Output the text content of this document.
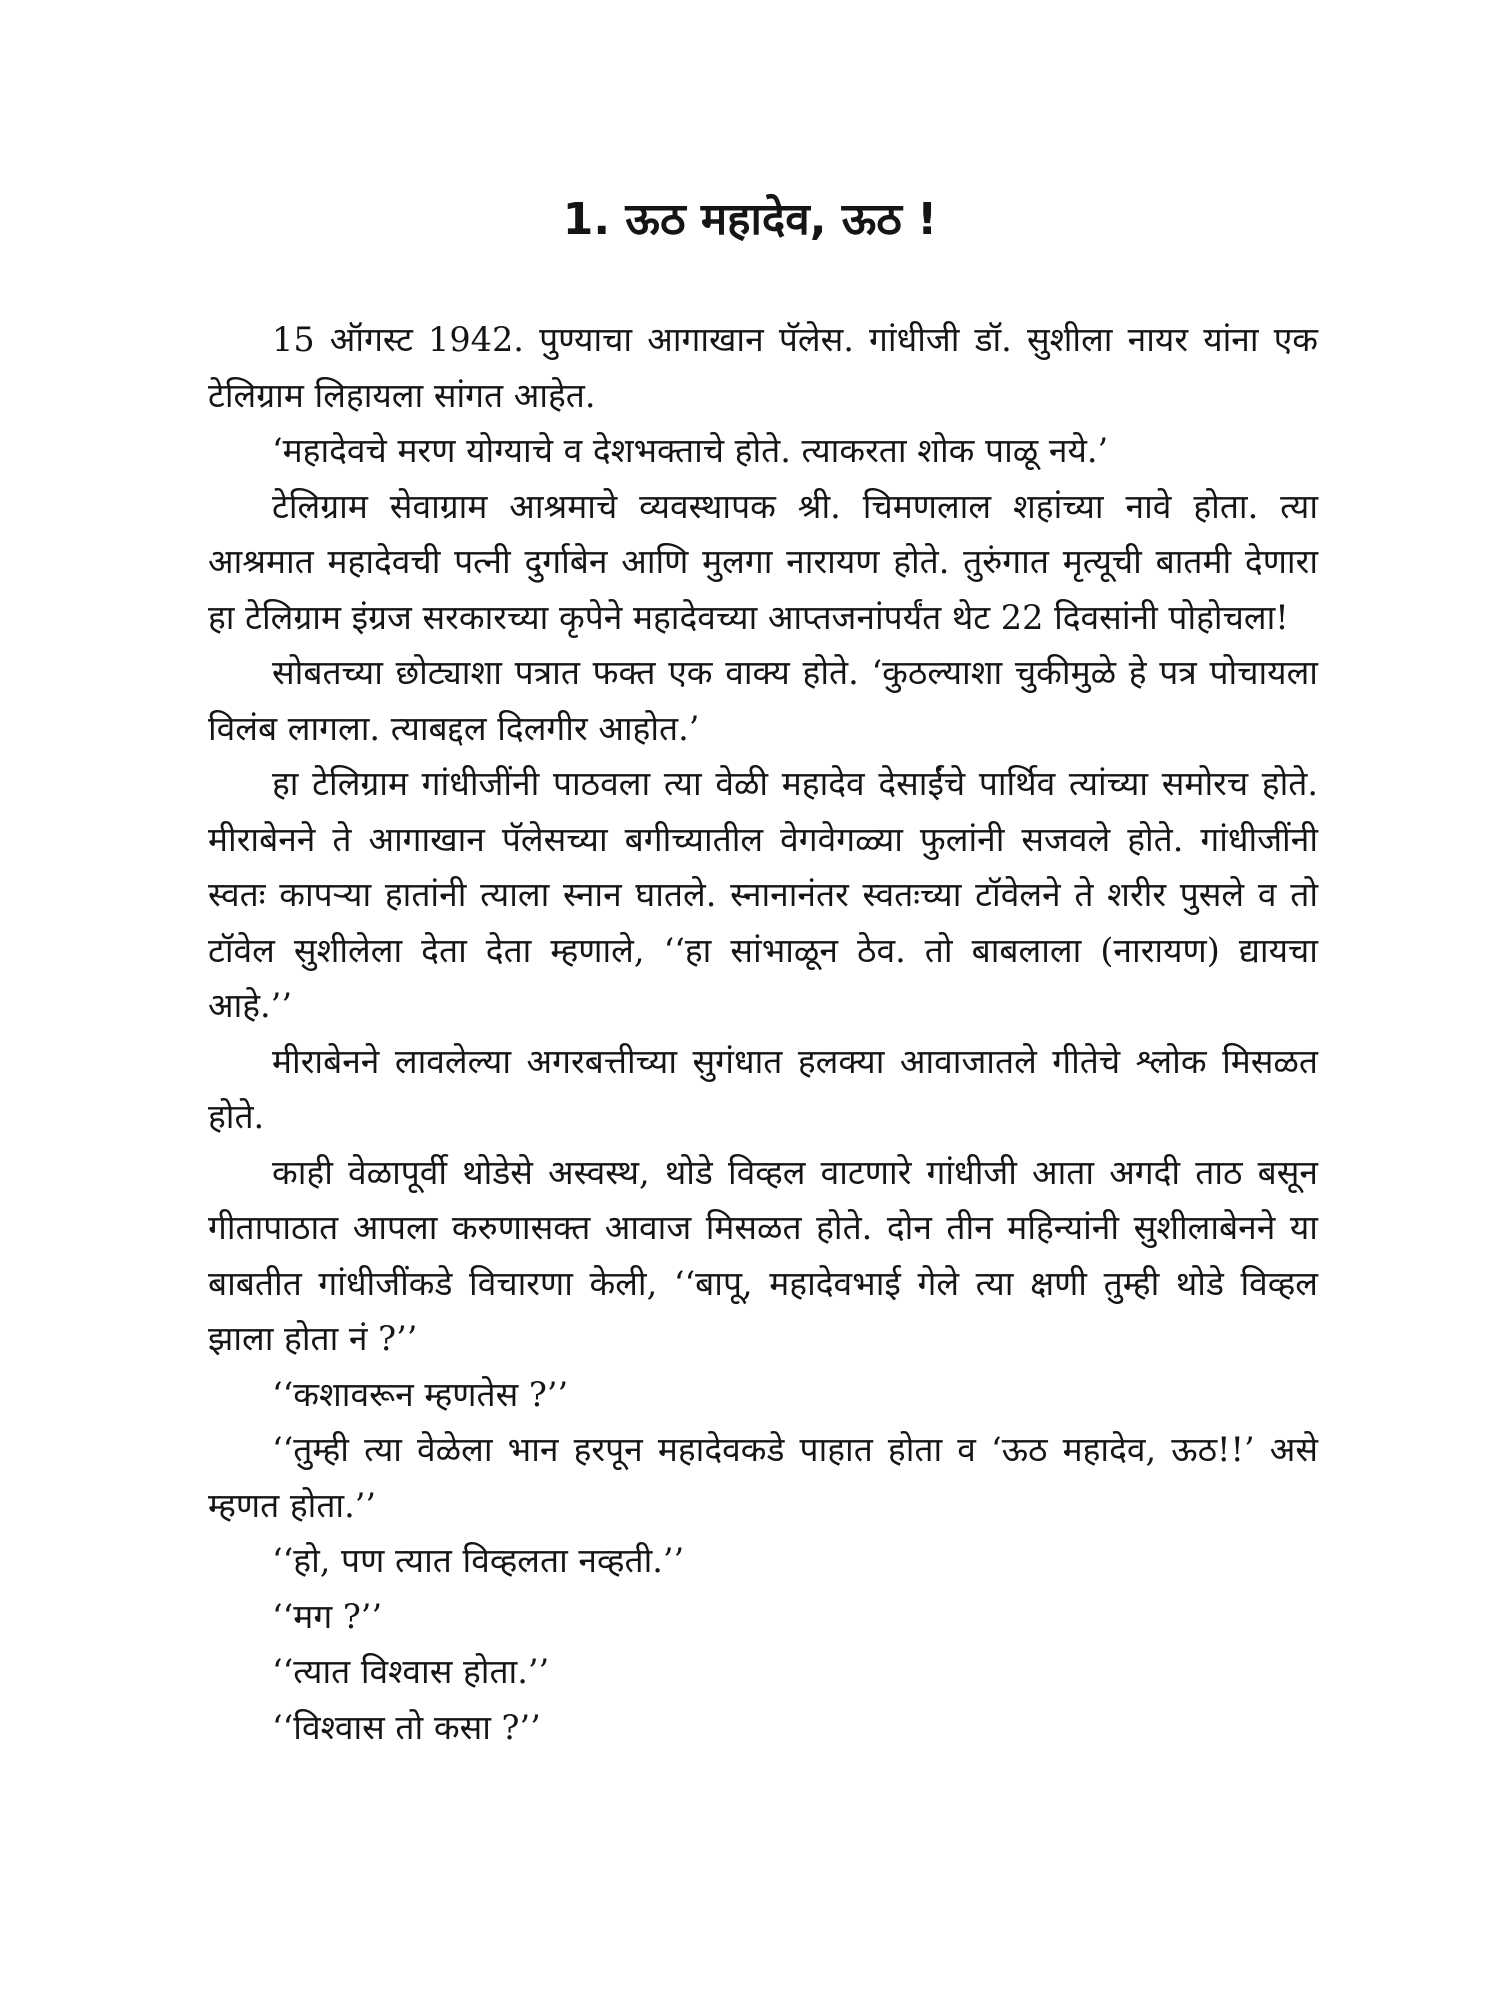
1. ऊठ महादेव, ऊठ !

15 ऑगस्ट 1942. पुण्याचा आगाखान पॅलेस. गांधीजी डॉ. सुशीला नायर यांना एक टेलिग्राम लिहायला सांगत आहेत.

‘महादेवचे मरण योग्याचे व देशभक्ताचे होते. त्याकरता शोक पाळू नये.’

टेलिग्राम सेवाग्राम आश्रमाचे व्यवस्थापक श्री. चिमणलाल शहांच्या नावे होता. त्या आश्रमात महादेवची पत्नी दुर्गाबेन आणि मुलगा नारायण होते. तुरुंगात मृत्यूची बातमी देणारा हा टेलिग्राम इंग्रज सरकारच्या कृपेने महादेवच्या आप्तजनांपर्यंत थेट 22 दिवसांनी पोहोचला!

सोबतच्या छोट्याशा पत्रात फक्त एक वाक्य होते. ‘कुठल्याशा चुकीमुळे हे पत्र पोचायला विलंब लागला. त्याबद्दल दिलगीर आहोत.’

हा टेलिग्राम गांधीजींनी पाठवला त्या वेळी महादेव देसाईंचे पार्थिव त्यांच्या समोरच होते. मीराबेनने ते आगाखान पॅलेसच्या बगीच्यातील वेगवेगळ्या फुलांनी सजवले होते. गांधीजींनी स्वतः कापऱ्या हातांनी त्याला स्नान घातले. स्नानानंतर स्वतःच्या टॉवेलने ते शरीर पुसले व तो टॉवेल सुशीलेला देता देता म्हणाले, ‘‘हा सांभाळून ठेव. तो बाबलाला (नारायण) द्यायचा आहे.’’

मीराबेनने लावलेल्या अगरबत्तीच्या सुगंधात हलक्या आवाजातले गीतेचे श्लोक मिसळत होते.

काही वेळापूर्वी थोडेसे अस्वस्थ, थोडे विव्हल वाटणारे गांधीजी आता अगदी ताठ बसून गीतापाठात आपला करुणासक्त आवाज मिसळत होते. दोन तीन महिन्यांनी सुशीलाबेनने या बाबतीत गांधीजींकडे विचारणा केली, ‘‘बापू, महादेवभाई गेले त्या क्षणी तुम्ही थोडे विव्हल झाला होता नं ?’’

‘‘कशावरून म्हणतेस ?’’

‘‘तुम्ही त्या वेळेला भान हरपून महादेवकडे पाहात होता व ‘ऊठ महादेव, ऊठ!!’ असे म्हणत होता.’’

‘‘हो, पण त्यात विव्हलता नव्हती.’’

‘‘मग ?’’

‘‘त्यात विश्वास होता.’’

‘‘विश्वास तो कसा ?’’
